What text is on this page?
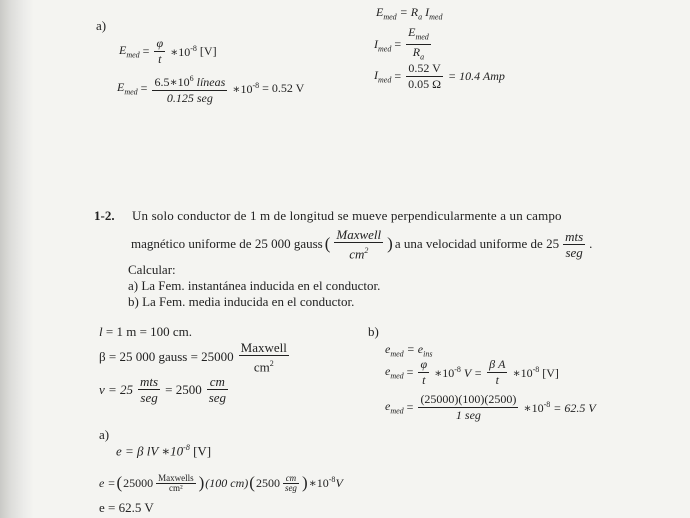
a)
$E_{med} = \frac{\varphi}{t}$ $∗10^{-8}$ [V]
$E_{med} = \frac{6.5∗10^6 líneas}{\text{0.125 seg}}$ $∗10^{-8} = 0.52$ V
$E_{med} = R_a$ $I_{med}$
$I_{med} = \frac{E_{med}}{R_a}$
$I_{med} = \frac{0.52 V}{0.05 \Omega} = 10.4$ Amp
1-2. Un solo conductor de 1 m de longitud se mueve perpendicularmente a un campo
magnético uniforme de 25 000 gauss ( $\frac{\text{Maxwell}}{cm^2}$ ) a una velocidad uniforme de $25 \frac{\text{mts}}{\text{seg}}$ .
Calcular:
a) La Fem. instantánea inducida en el conductor.
b) La Fem. media inducida en el conductor.
l = 1 m = 100 cm.
β = 25 000 gauss = $25000 \frac{\text{Maxwell}}{cm^2}$
$v = 25 \frac{\text{mts}}{\text{seg}} = 2500 \frac{cm}{\text{seg}}$
a)
e = β lV $∗10^{-8}$ [V]
e = ( $25000 \frac{\text{Maxwells}}{\text{cm²}}$ ) (100 cm) ( $2500 \frac{cm}{\text{seg}}$ ) $∗10^{-8}V$
e = 62.5 V
b)
$e_{med} = e_{ins}$
$e_{med} = \frac{\varphi}{t}$ $∗10^{-8}$ $V = \frac{\text{β A}}{t}$ $∗10^{-8}$ [V]
$e_{med} = \frac{(25000)(100)(2500)}{\text{1 seg}}$ $∗10^{-8} = 62.5$ V
